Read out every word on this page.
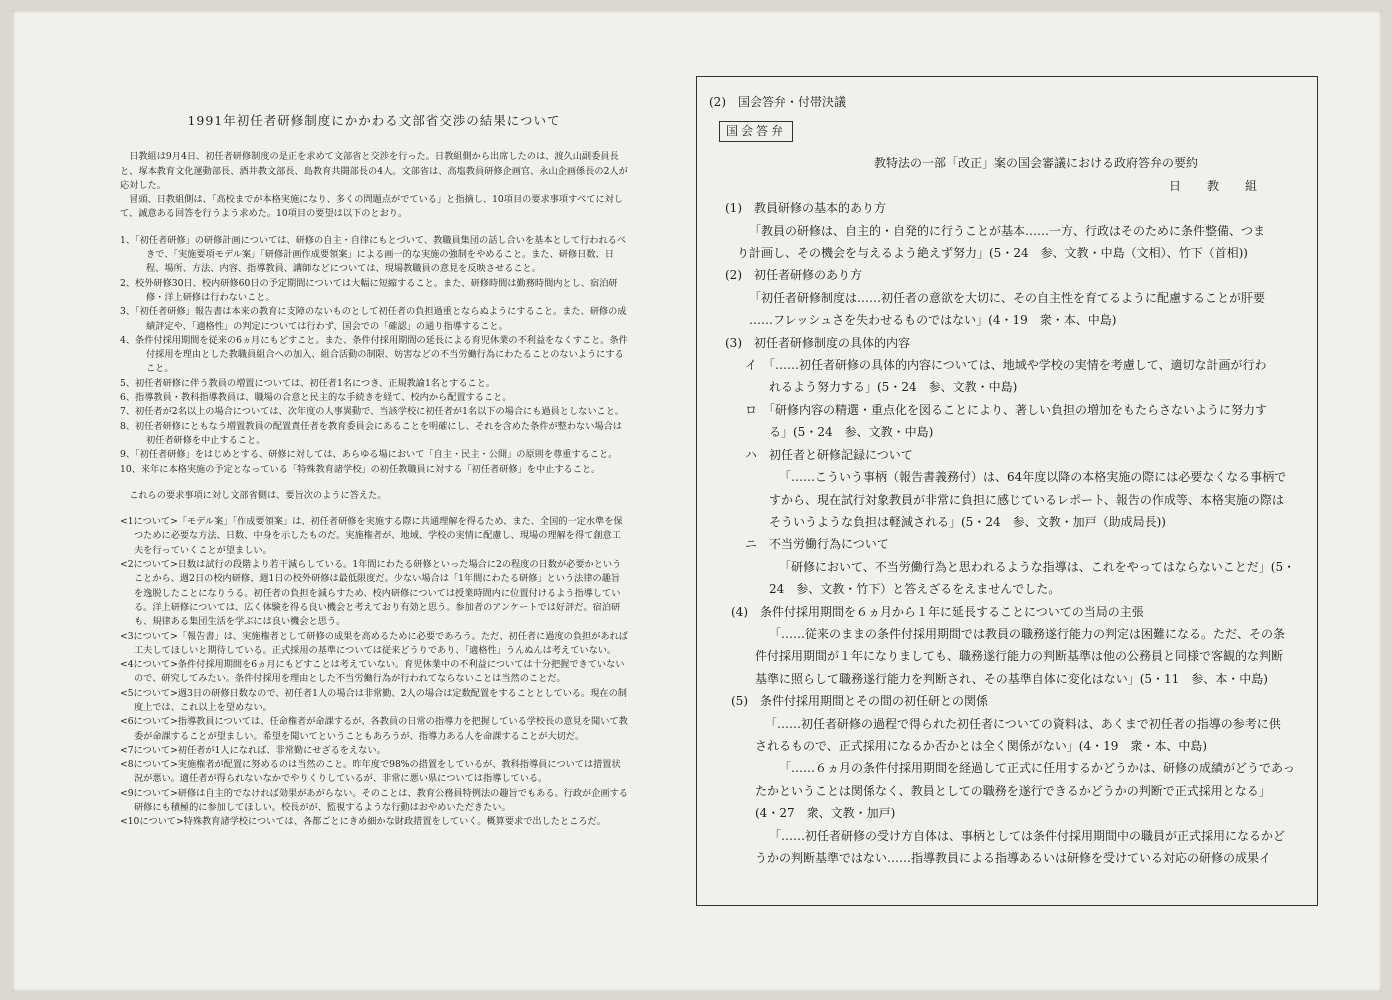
1991年初任者研修制度にかかわる文部省交渉の結果について

日教組は9月4日、初任者研修制度の是正を求めて文部省と交渉を行った。日教組側から出席したのは、渡久山副委員長と、塚本教育文化運動部長、酒井教文部長、島教育共闘部長の4人。文部省は、高塩教員研修企画官、永山企画係長の2人が応対した。

冒頭、日教組側は、「高校までが本格実施になり、多くの問題点がでている」と指摘し、10項目の要求事項すべてに対して、誠意ある回答を行うよう求めた。10項目の要望は以下のとおり。

1、「初任者研修」の研修計画については、研修の自主・自律にもとづいて、教職員集団の話し合いを基本として行われるべきで、「実施要項モデル案」「研修計画作成要領案」による画一的な実施の強制をやめること。また、研修日数、日程、場所、方法、内容、指導教員、講師などについては、現場教職員の意見を反映させること。

2、校外研修30日、校内研修60日の予定期間については大幅に短縮すること。また、研修時間は勤務時間内とし、宿泊研修・洋上研修は行わないこと。

3、「初任者研修」報告書は本来の教育に支障のないものとして初任者の負担過重とならぬようにすること。また、研修の成績評定や、「適格性」の判定については行わず、国会での「確認」の通り指導すること。

4、条件付採用期間を従来の6ヵ月にもどすこと。また、条件付採用期間の延長による育児休業の不利益をなくすこと。条件付採用を理由とした教職員組合への加入、組合活動の制限、妨害などの不当労働行為にわたることのないようにすること。

5、初任者研修に伴う教員の増置については、初任者1名につき、正規教諭1名とすること。

6、指導教員・教科指導教員は、職場の合意と民主的な手続きを経て、校内から配置すること。

7、初任者が2名以上の場合については、次年度の人事異動で、当該学校に初任者が1名以下の場合にも過員としないこと。

8、初任者研修にともなう増置教員の配置責任者を教育委員会にあることを明確にし、それを含めた条件が整わない場合は初任者研修を中止すること。

9、「初任者研修」をはじめとする、研修に対しては、あらゆる場において「自主・民主・公開」の原則を尊重すること。

10、来年に本格実施の予定となっている「特殊教育諸学校」の初任教職員に対する「初任者研修」を中止すること。

これらの要求事項に対し文部省側は、要旨次のように答えた。

<1について>「モデル案」「作成要領案」は、初任者研修を実施する際に共通理解を得るため、また、全国的一定水準を保つために必要な方法、日数、中身を示したものだ。実施権者が、地域、学校の実情に配慮し、現場の理解を得て創意工夫を行っていくことが望ましい。

<2について>日数は試行の段階より若干減らしている。1年間にわたる研修といった場合に2の程度の日数が必要かということから、週2日の校内研修、週1日の校外研修は最低限度だ。少ない場合は「1年間にわたる研修」という法律の趣旨を逸脱したことになりうる。初任者の負担を減らすため、校内研修については授業時間内に位置付けるよう指導している。洋上研修については、広く体験を得る良い機会と考えており有効と思う。参加者のアンケートでは好評だ。宿泊研も、規律ある集団生活を学ぶには良い機会と思う。

<3について>「報告書」は、実施権者として研修の成果を高めるために必要であろう。ただ、初任者に過度の負担があれば工夫してほしいと期待している。正式採用の基準については従来どうりであり、「適格性」うんぬんは考えていない。

<4について>条件付採用期間を6ヵ月にもどすことは考えていない。育児休業中の不利益については十分把握できていないので、研究してみたい。条件付採用を理由とした不当労働行為が行われてならないことは当然のことだ。

<5について>週3日の研修日数なので、初任者1人の場合は非常勤、2人の場合は定数配置をすることとしている。現在の制度上では、これ以上を望めない。

<6について>指導教員については、任命権者が命課するが、各教員の日常の指導力を把握している学校長の意見を聞いて教委が命課することが望ましい。希望を聞いてということもあろうが、指導力ある人を命課することが大切だ。

<7について>初任者が1人になれば、非常勤にせざるをえない。

<8について>実施権者が配置に努めるのは当然のこと。昨年度で98%の措置をしているが、教科指導員については措置状況が悪い。適任者が得られないなかでやりくりしているが、非常に悪い県については指導している。

<9について>研修は自主的でなければ効果があがらない。そのことは、教育公務員特例法の趣旨でもある。行政が企画する研修にも積極的に参加してほしい。校長がが、監視するような行動はおやめいただきたい。

<10について>特殊教育諸学校については、各都ごとにきめ細かな財政措置をしていく。概算要求で出したところだ。

(2)　国会答弁・付帯決議

国会答弁

教特法の一部「改正」案の国会審議における政府答弁の要約

日教組

(1)　教員研修の基本的あり方

「教員の研修は、自主的・自発的に行うことが基本……一方、行政はそのために条件整備、つま

り計画し、その機会を与えるよう絶えず努力」(5・24　参、文教・中島（文相）、竹下（首相))

(2)　初任者研修のあり方

「初任者研修制度は……初任者の意欲を大切に、その自主性を育てるように配慮することが肝要

……フレッシュさを失わせるものではない」(4・19　衆・本、中島)

(3)　初任者研修制度の具体的内容

イ　「……初任者研修の具体的内容については、地域や学校の実情を考慮して、適切な計画が行わ

れるよう努力する」(5・24　参、文教・中島)

ロ　「研修内容の精選・重点化を図ることにより、著しい負担の増加をもたらさないように努力す

る」(5・24　参、文教・中島)

ハ　初任者と研修記録について

「……こういう事柄（報告書義務付）は、64年度以降の本格実施の際には必要なくなる事柄で

すから、現在試行対象教員が非常に負担に感じているレポート、報告の作成等、本格実施の際は

そういうような負担は軽減される」(5・24　参、文教・加戸（助成局長))

ニ　不当労働行為について

「研修において、不当労働行為と思われるような指導は、これをやってはならないことだ」(5・

24　参、文教・竹下）と答えざるをえませんでした。

(4)　条件付採用期間を６ヵ月から１年に延長することについての当局の主張

「……従来のままの条件付採用期間では教員の職務遂行能力の判定は困難になる。ただ、その条

件付採用期間が１年になりましても、職務遂行能力の判断基準は他の公務員と同様で客観的な判断

基準に照らして職務遂行能力を判断され、その基準自体に変化はない」(5・11　参、本・中島)

(5)　条件付採用期間とその間の初任研との関係

「……初任者研修の過程で得られた初任者についての資料は、あくまで初任者の指導の参考に供

されるもので、正式採用になるか否かとは全く関係がない」(4・19　衆・本、中島)

「……６ヵ月の条件付採用期間を経過して正式に任用するかどうかは、研修の成績がどうであっ

たかということは関係なく、教員としての職務を遂行できるかどうかの判断で正式採用となる」

(4・27　衆、文教・加戸)

「……初任者研修の受け方自体は、事柄としては条件付採用期間中の職員が正式採用になるかど

うかの判断基準ではない……指導教員による指導あるいは研修を受けている対応の研修の成果イ
